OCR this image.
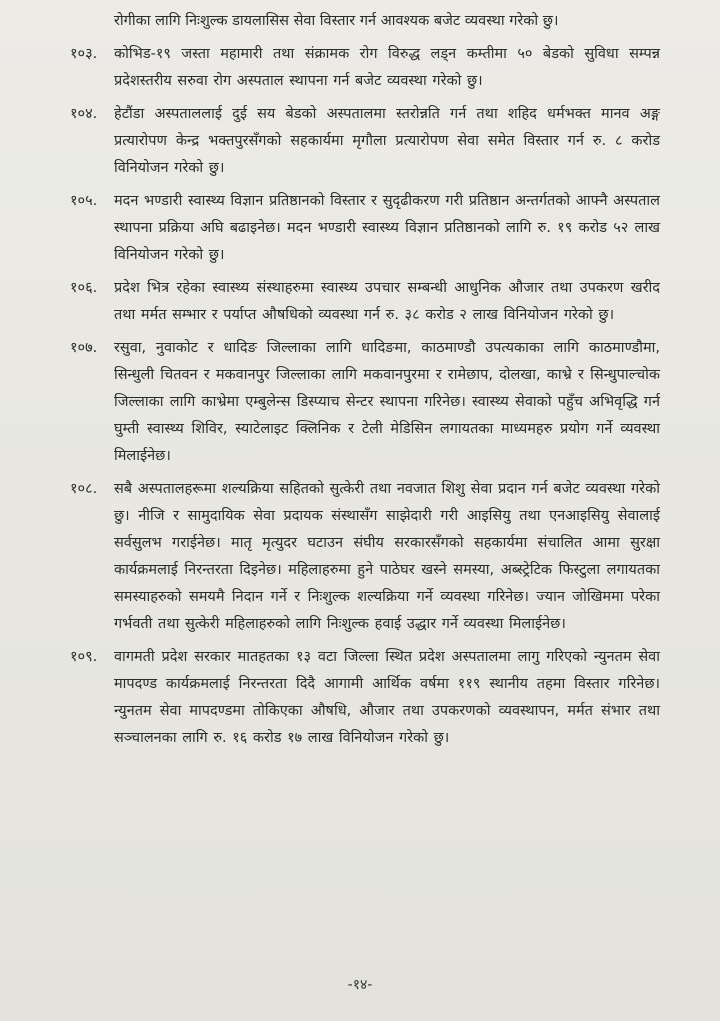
रोगीका लागि निःशुल्क डायलासिस सेवा विस्तार गर्न आवश्यक बजेट व्यवस्था गरेको छु।
१०३.	कोभिड-१९ जस्ता महामारी तथा संक्रामक रोग विरुद्ध लड्न कम्तीमा ५० बेडको सुविधा सम्पन्न प्रदेशस्तरीय सरुवा रोग अस्पताल स्थापना गर्न बजेट व्यवस्था गरेको छु।
१०४.	हेटौंडा अस्पताललाई दुई सय बेडको अस्पतालमा स्तरोन्नति गर्न तथा शहिद धर्मभक्त मानव अङ्ग प्रत्यारोपण केन्द्र भक्तपुरसँगको सहकार्यमा मृगौला प्रत्यारोपण सेवा समेत विस्तार गर्न रु. ८ करोड विनियोजन गरेको छु।
१०५.	मदन भण्डारी स्वास्थ्य विज्ञान प्रतिष्ठानको विस्तार र सुदृढीकरण गरी प्रतिष्ठान अन्तर्गतको आफ्नै अस्पताल स्थापना प्रक्रिया अघि बढाइनेछ। मदन भण्डारी स्वास्थ्य विज्ञान प्रतिष्ठानको लागि रु. १९ करोड ५२ लाख विनियोजन गरेको छु।
१०६.	प्रदेश भित्र रहेका स्वास्थ्य संस्थाहरुमा स्वास्थ्य उपचार सम्बन्धी आधुनिक औजार तथा उपकरण खरीद तथा मर्मत सम्भार र पर्याप्त औषधिको व्यवस्था गर्न रु. ३८ करोड २ लाख विनियोजन गरेको छु।
१०७.	रसुवा, नुवाकोट र धादिङ जिल्लाका लागि धादिङमा, काठमाण्डौ उपत्यकाका लागि काठमाण्डौमा, सिन्धुली चितवन र मकवानपुर जिल्लाका लागि मकवानपुरमा र रामेछाप, दोलखा, काभ्रे र सिन्धुपाल्चोक जिल्लाका लागि काभ्रेमा एम्बुलेन्स डिस्प्याच सेन्टर स्थापना गरिनेछ। स्वास्थ्य सेवाको पहुँच अभिवृद्धि गर्न घुम्ती स्वास्थ्य शिविर, स्याटेलाइट क्लिनिक र टेली मेडिसिन लगायतका माध्यमहरु प्रयोग गर्ने व्यवस्था मिलाईनेछ।
१०८.	सबै अस्पतालहरूमा शल्यक्रिया सहितको सुत्केरी तथा नवजात शिशु सेवा प्रदान गर्न बजेट व्यवस्था गरेको छु। नीजि र सामुदायिक सेवा प्रदायक संस्थासँग साझेदारी गरी आइसियु तथा एनआइसियु सेवालाई सर्वसुलभ गराईनेछ। मातृ मृत्युदर घटाउन संघीय सरकारसँगको सहकार्यमा संचालित आमा सुरक्षा कार्यक्रमलाई निरन्तरता दिइनेछ। महिलाहरुमा हुने पाठेघर खस्ने समस्या, अब्स्ट्रेटिक फिस्टुला लगायतका समस्याहरुको समयमै निदान गर्ने र निःशुल्क शल्यक्रिया गर्ने व्यवस्था गरिनेछ। ज्यान जोखिममा परेका गर्भवती तथा सुत्केरी महिलाहरुको लागि निःशुल्क हवाई उद्धार गर्ने व्यवस्था मिलाईनेछ।
१०९.	वागमती प्रदेश सरकार मातहतका १३ वटा जिल्ला स्थित प्रदेश अस्पतालमा लागु गरिएको न्युनतम सेवा मापदण्ड कार्यक्रमलाई निरन्तरता दिदै आगामी आर्थिक वर्षमा ११९ स्थानीय तहमा विस्तार गरिनेछ। न्युनतम सेवा मापदण्डमा तोकिएका औषधि, औजार तथा उपकरणको व्यवस्थापन, मर्मत संभार तथा सञ्चालनका लागि रु. १६ करोड १७ लाख विनियोजन गरेको छु।
-१४-
